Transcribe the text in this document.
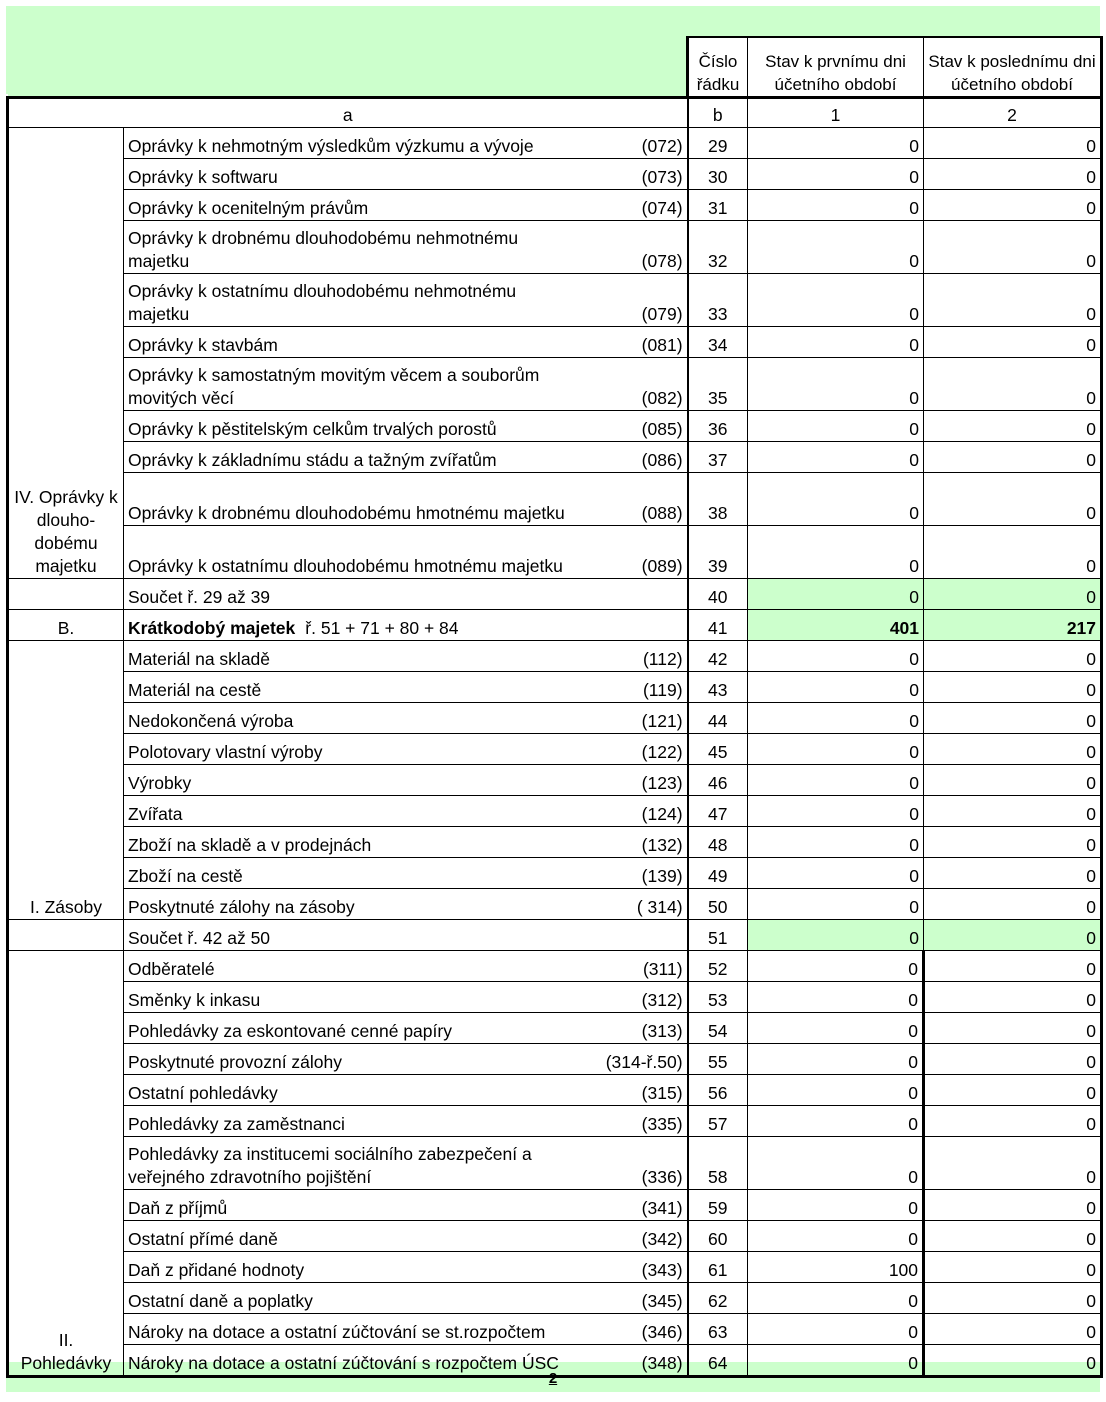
2
			Číslo řádku	Stav k prvnímu dni účetního období	Stav k poslednímu dni účetního období
a			b	1	2
IV. Oprávky k dlouho-dobému majetku	Oprávky k nehmotným výsledkům výzkumu a vývoje	(072)	29	0	0
	Oprávky k softwaru	(073)	30	0	0
	Oprávky k ocenitelným právům	(074)	31	0	0
	Oprávky k drobnému dlouhodobému nehmotnému majetku	(078)	32	0	0
	Oprávky k ostatnímu dlouhodobému nehmotnému majetku	(079)	33	0	0
	Oprávky k stavbám	(081)	34	0	0
	Oprávky k samostatným movitým věcem a souborům movitých věcí	(082)	35	0	0
	Oprávky k pěstitelským celkům trvalých porostů	(085)	36	0	0
	Oprávky k základnímu stádu a tažným zvířatům	(086)	37	0	0
	Oprávky k drobnému dlouhodobému hmotnému majetku	(088)	38	0	0
	Oprávky k ostatnímu dlouhodobému hmotnému majetku	(089)	39	0	0
	Součet ř. 29 až 39		40	0	0
B.	Krátkodobý majetek ř. 51 + 71 + 80 + 84		41	401	217
I. Zásoby	Materiál na skladě	(112)	42	0	0
	Materiál na cestě	(119)	43	0	0
	Nedokončená výroba	(121)	44	0	0
	Polotovary vlastní výroby	(122)	45	0	0
	Výrobky	(123)	46	0	0
	Zvířata	(124)	47	0	0
	Zboží na skladě a v prodejnách	(132)	48	0	0
	Zboží na cestě	(139)	49	0	0
	Poskytnuté zálohy na zásoby	( 314)	50	0	0
	Součet ř. 42 až 50		51	0	0
II. Pohledávky	Odběratelé	(311)	52	0	0
	Směnky k inkasu	(312)	53	0	0
	Pohledávky za eskontované cenné papíry	(313)	54	0	0
	Poskytnuté provozní zálohy	(314-ř.50)	55	0	0
	Ostatní pohledávky	(315)	56	0	0
	Pohledávky za zaměstnanci	(335)	57	0	0
	Pohledávky za institucemi sociálního zabezpečení a veřejného zdravotního pojištění	(336)	58	0	0
	Daň z příjmů	(341)	59	0	0
	Ostatní přímé daně	(342)	60	0	0
	Daň z přidané hodnoty	(343)	61	100	0
	Ostatní daně a poplatky	(345)	62	0	0
	Nároky na dotace a ostatní zúčtování se st.rozpočtem	(346)	63	0	0
	Nároky na dotace a ostatní zúčtování s rozpočtem ÚSC	(348)	64	0	0
